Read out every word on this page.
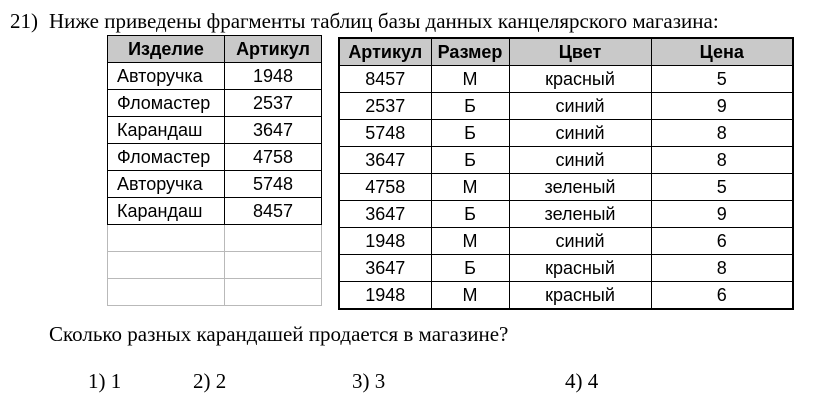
21) Ниже приведены фрагменты таблиц базы данных канцелярского магазина:
Изделие	Артикул
Авторучка	1948
Фломастер	2537
Карандаш	3647
Фломастер	4758
Авторучка	5748
Карандаш	8457

Артикул	Размер	Цвет	Цена
8457	М	красный	5
2537	Б	синий	9
5748	Б	синий	8
3647	Б	синий	8
4758	М	зеленый	5
3647	Б	зеленый	9
1948	М	синий	6
3647	Б	красный	8
1948	М	красный	6
Сколько разных карандашей продается в магазине?
1) 1	2) 2	3) 3	4) 4
